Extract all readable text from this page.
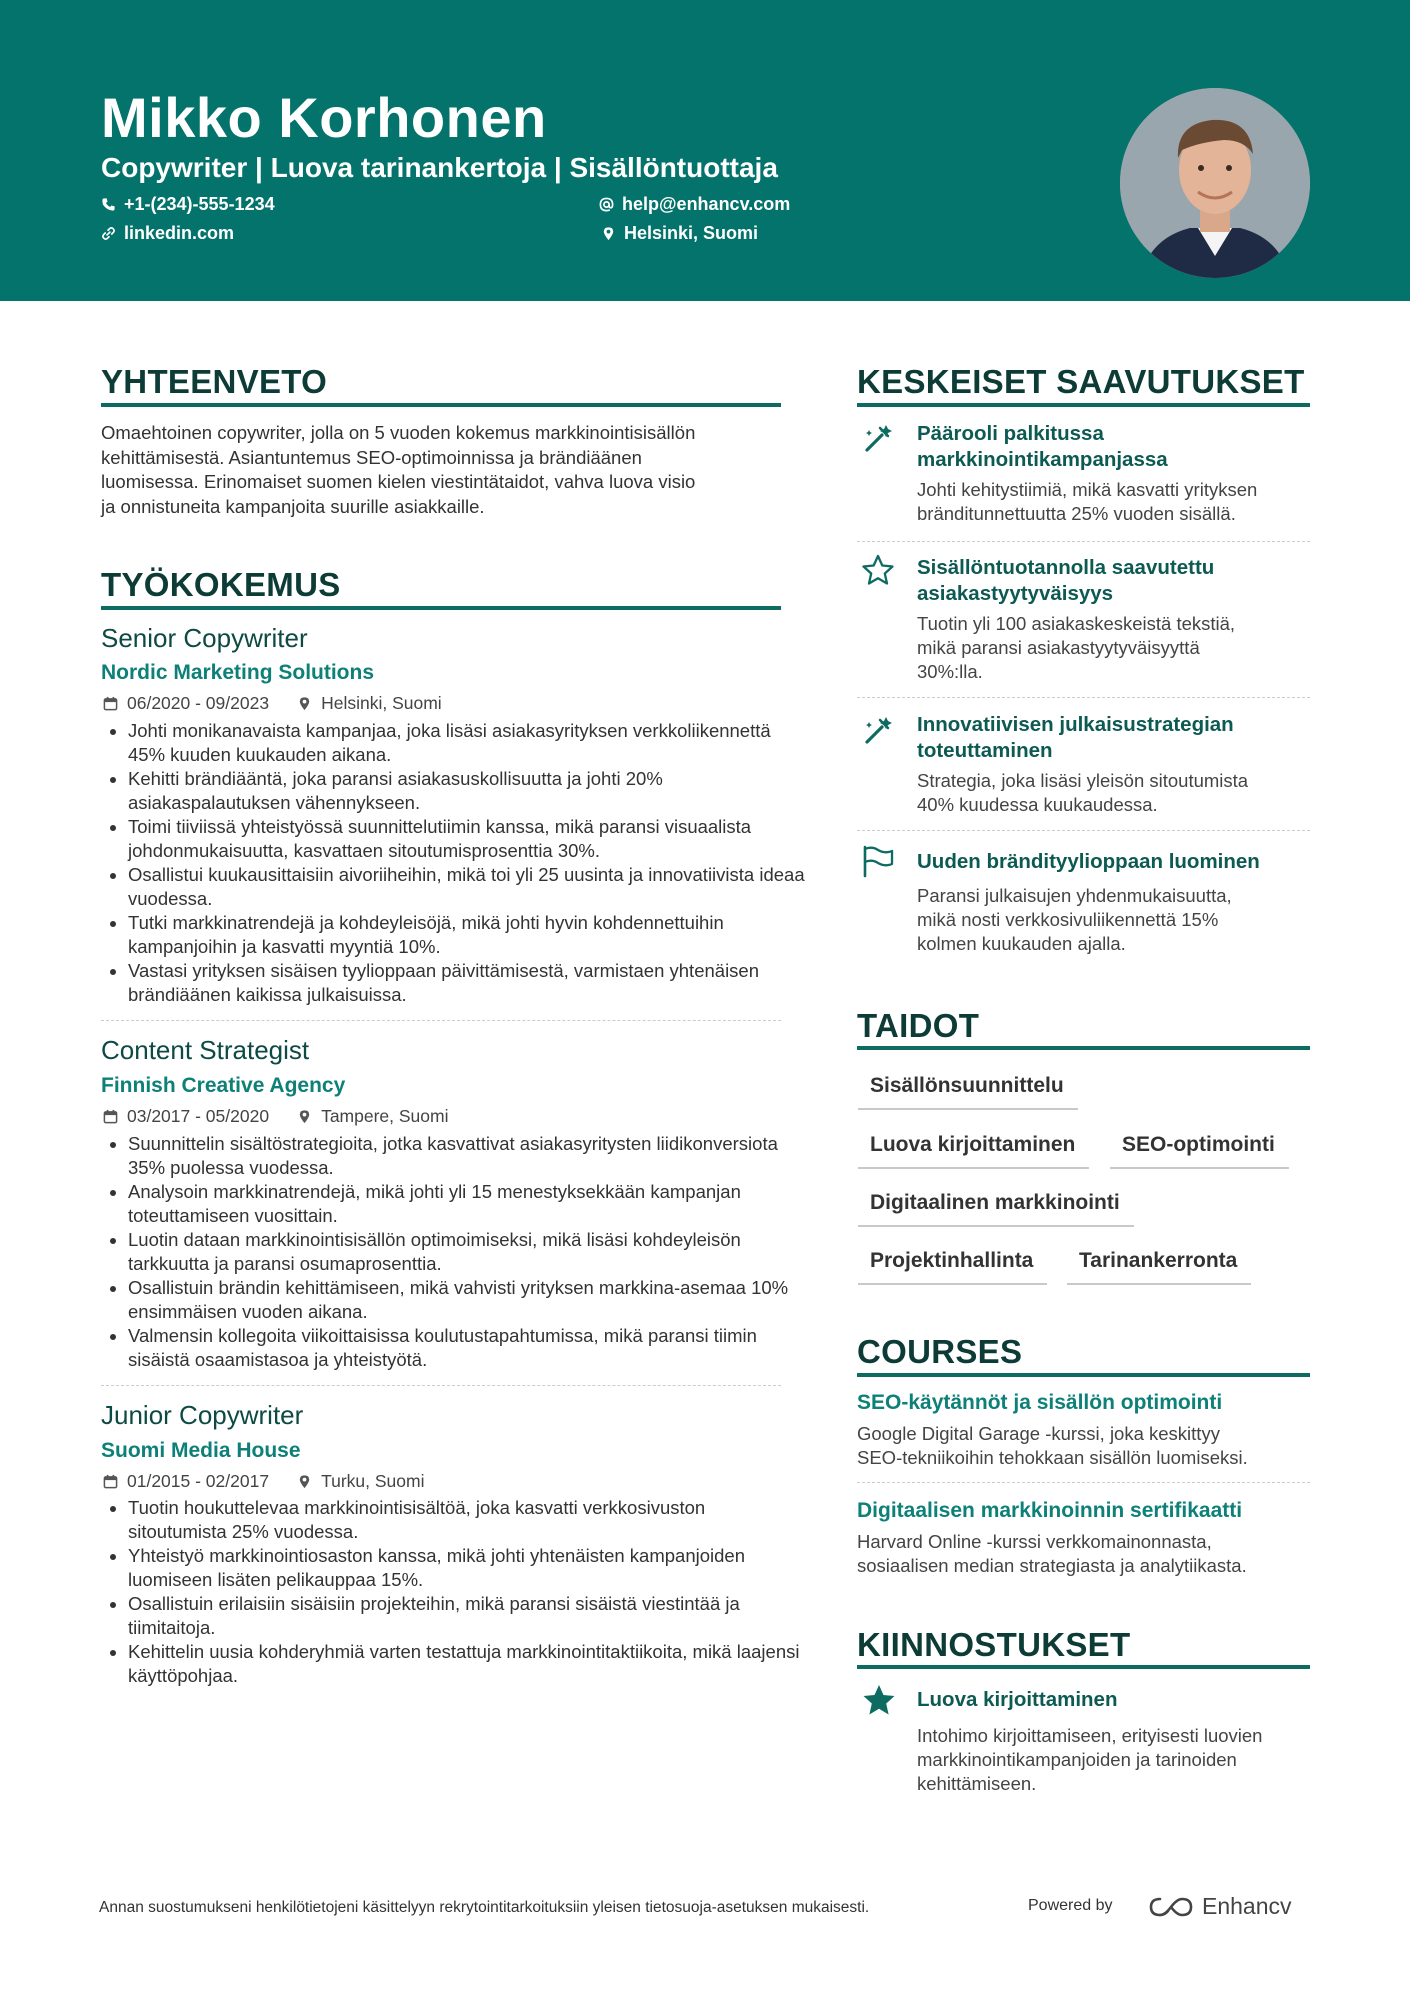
Mikko Korhonen
Copywriter | Luova tarinankertoja | Sisällöntuottaja
+1-(234)-555-1234	help@enhancv.com
linkedin.com	Helsinki, Suomi
YHTEENVETO
Omaehtoinen copywriter, jolla on 5 vuoden kokemus markkinointisisällön
kehittämisestä. Asiantuntemus SEO-optimoinnissa ja brändiäänen
luomisessa. Erinomaiset suomen kielen viestintätaidot, vahva luova visio
ja onnistuneita kampanjoita suurille asiakkaille.
TYÖKOKEMUS
Senior Copywriter
Nordic Marketing Solutions
06/2020 - 09/2023	Helsinki, Suomi
• Johti monikanavaista kampanjaa, joka lisäsi asiakasyrityksen verkkoliikennettä 45% kuuden kuukauden aikana.
• Kehitti brändiääntä, joka paransi asiakasuskollisuutta ja johti 20% asiakaspalautuksen vähennykseen.
• Toimi tiiviissä yhteistyössä suunnittelutiimin kanssa, mikä paransi visuaalista johdonmukaisuutta, kasvattaen sitoutumisprosenttia 30%.
• Osallistui kuukausittaisiin aivoriiheihin, mikä toi yli 25 uusinta ja innovatiivista ideaa vuodessa.
• Tutki markkinatrendejä ja kohdeyleisöjä, mikä johti hyvin kohdennettuihin kampanjoihin ja kasvatti myyntiä 10%.
• Vastasi yrityksen sisäisen tyylioppaan päivittämisestä, varmistaen yhtenäisen brändiäänen kaikissa julkaisuissa.
Content Strategist
Finnish Creative Agency
03/2017 - 05/2020	Tampere, Suomi
• Suunnittelin sisältöstrategioita, jotka kasvattivat asiakasyritysten liidikonversiota 35% puolessa vuodessa.
• Analysoin markkinatrendejä, mikä johti yli 15 menestyksekkään kampanjan toteuttamiseen vuosittain.
• Luotin dataan markkinointisisällön optimoimiseksi, mikä lisäsi kohdeyleisön tarkkuutta ja paransi osumaprosenttia.
• Osallistuin brändin kehittämiseen, mikä vahvisti yrityksen markkina-asemaa 10% ensimmäisen vuoden aikana.
• Valmensin kollegoita viikoittaisissa koulutustapahtumissa, mikä paransi tiimin sisäistä osaamistasoa ja yhteistyötä.
Junior Copywriter
Suomi Media House
01/2015 - 02/2017	Turku, Suomi
• Tuotin houkuttelevaa markkinointisisältöä, joka kasvatti verkkosivuston sitoutumista 25% vuodessa.
• Yhteistyö markkinointiosaston kanssa, mikä johti yhtenäisten kampanjoiden luomiseen lisäten pelikauppaa 15%.
• Osallistuin erilaisiin sisäisiin projekteihin, mikä paransi sisäistä viestintää ja tiimitaitoja.
• Kehittelin uusia kohderyhmiä varten testattuja markkinointitaktiikoita, mikä laajensi käyttöpohjaa.
KESKEISET SAAVUTUKSET
Päärooli palkitussa
markkinointikampanjassa
Johti kehitystiimiä, mikä kasvatti yrityksen
bränditunnettuutta 25% vuoden sisällä.
Sisällöntuotannolla saavutettu
asiakastyytyväisyys
Tuotin yli 100 asiakaskeskeistä tekstiä,
mikä paransi asiakastyytyväisyyttä
30%:lla.
Innovatiivisen julkaisustrategian
toteuttaminen
Strategia, joka lisäsi yleisön sitoutumista
40% kuudessa kuukaudessa.
Uuden brändityylioppaan luominen
Paransi julkaisujen yhdenmukaisuutta,
mikä nosti verkkosivuliikennettä 15%
kolmen kuukauden ajalla.
TAIDOT
Sisällönsuunnittelu
Luova kirjoittaminen	SEO-optimointi
Digitaalinen markkinointi
Projektinhallinta	Tarinankerronta
COURSES
SEO-käytännöt ja sisällön optimointi
Google Digital Garage -kurssi, joka keskittyy
SEO-tekniikoihin tehokkaan sisällön luomiseksi.
Digitaalisen markkinoinnin sertifikaatti
Harvard Online -kurssi verkkomainonnasta,
sosiaalisen median strategiasta ja analytiikasta.
KIINNOSTUKSET
Luova kirjoittaminen
Intohimo kirjoittamiseen, erityisesti luovien
markkinointikampanjoiden ja tarinoiden
kehittämiseen.
Annan suostumukseni henkilötietojeni käsittelyyn rekrytointitarkoituksiin yleisen tietosuoja-asetuksen mukaisesti.	Powered by	Enhancv
